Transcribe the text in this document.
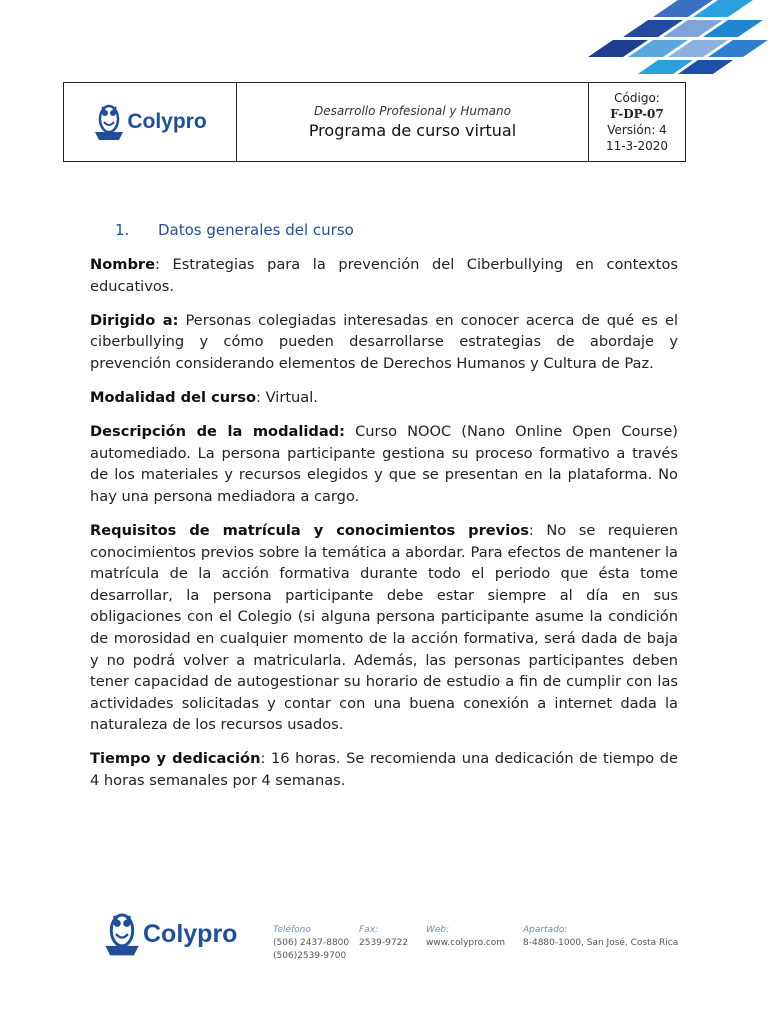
Colypro	Desarrollo Profesional y Humano
Programa de curso virtual
Código:
F-DP-07
Versión: 4
11-3-2020
1.	Datos generales del curso

Nombre: Estrategias para la prevención del Ciberbullying en contextos educativos.

Dirigido a: Personas colegiadas interesadas en conocer acerca de qué es el ciberbullying y cómo pueden desarrollarse estrategias de abordaje y prevención considerando elementos de Derechos Humanos y Cultura de Paz.

Modalidad del curso: Virtual.

Descripción de la modalidad: Curso NOOC (Nano Online Open Course) automediado. La persona participante gestiona su proceso formativo a través de los materiales y recursos elegidos y que se presentan en la plataforma. No hay una persona mediadora a cargo.

Requisitos de matrícula y conocimientos previos: No se requieren conocimientos previos sobre la temática a abordar. Para efectos de mantener la matrícula de la acción formativa durante todo el periodo que ésta tome desarrollar, la persona participante debe estar siempre al día en sus obligaciones con el Colegio (si alguna persona participante asume la condición de morosidad en cualquier momento de la acción formativa, será dada de baja y no podrá volver a matricularla. Además, las personas participantes deben tener capacidad de autogestionar su horario de estudio a fin de cumplir con las actividades solicitadas y contar con una buena conexión a internet dada la naturaleza de los recursos usados.

Tiempo y dedicación: 16 horas. Se recomienda una dedicación de tiempo de 4 horas semanales por 4 semanas.

Colypro	Teléfono
(506) 2437-8800
(506)2539-9700
Fax:
2539-9722
Web:
www.colypro.com
Apartado:
8-4880-1000, San José, Costa Rica
